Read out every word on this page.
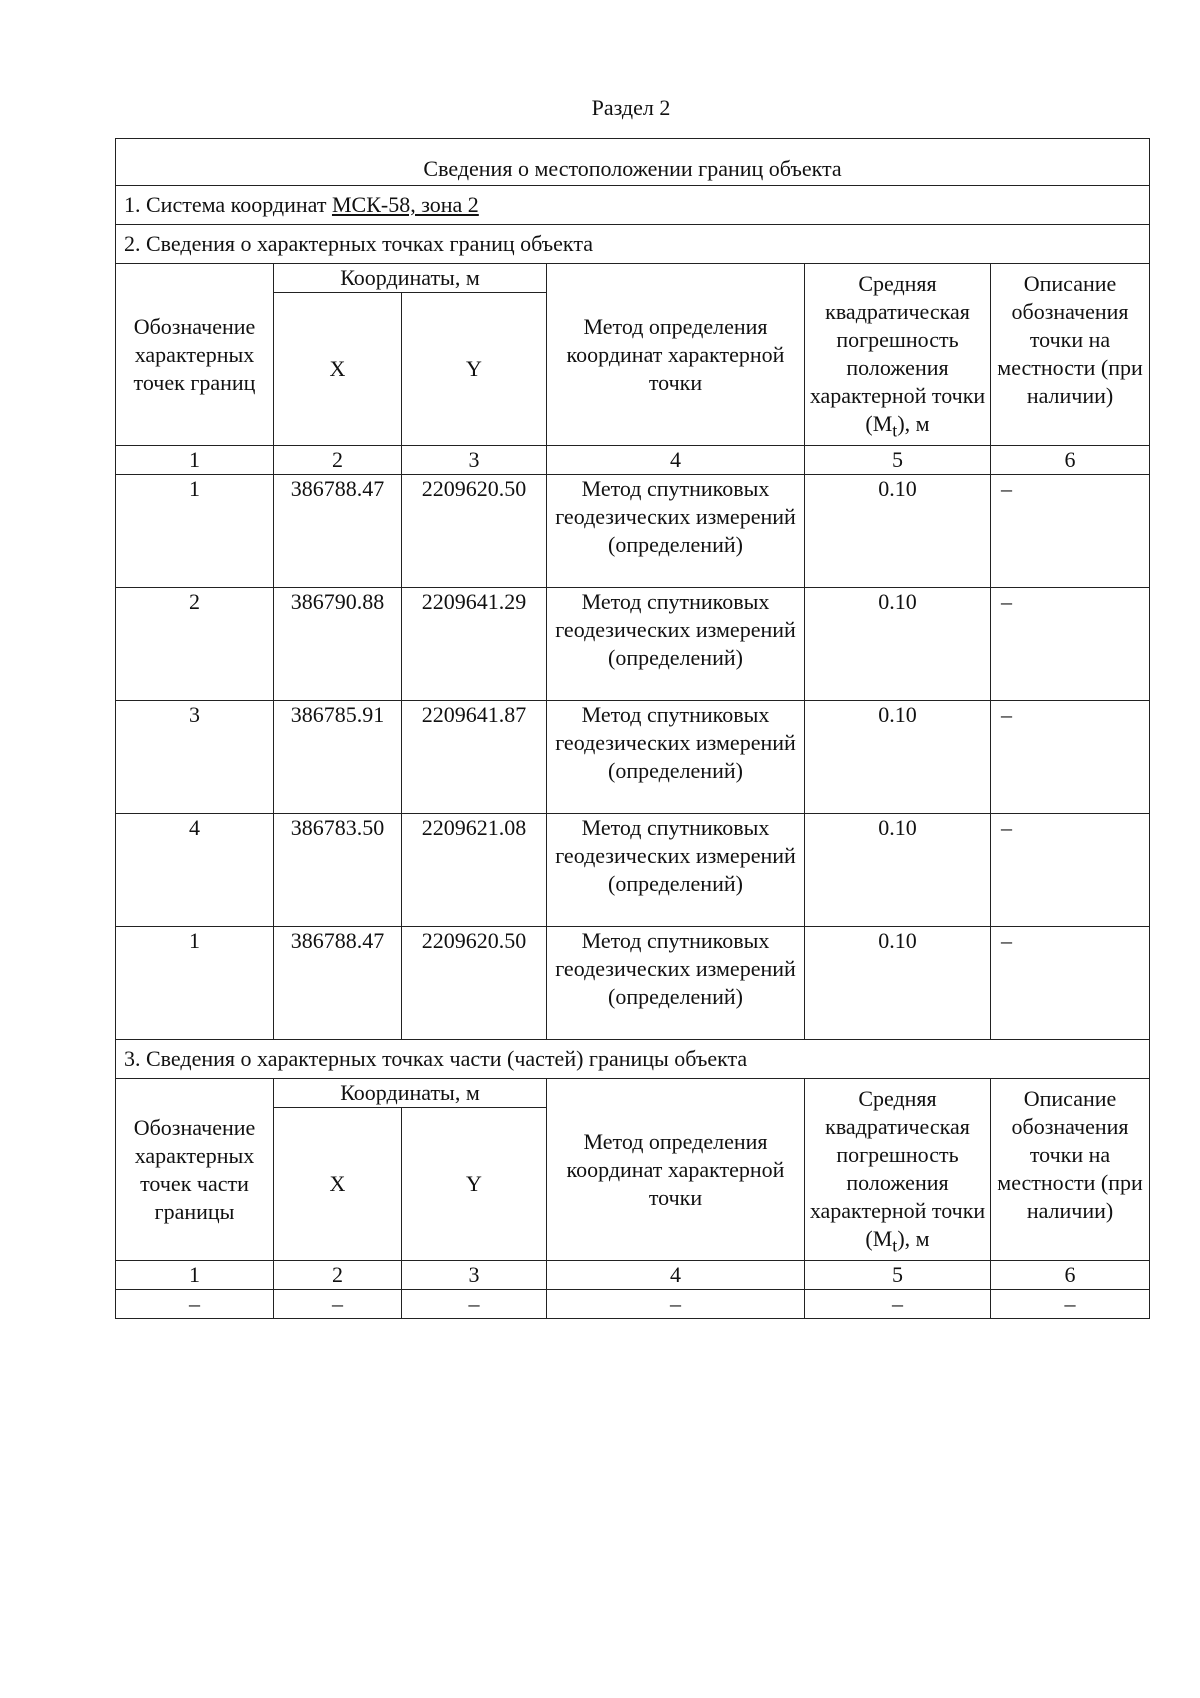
Раздел 2
Сведения о местоположении границ объекта					
1. Система координат МСК-58, зона 2					
2. Сведения о характерных точках границ объекта					
Обозначение характерных точек границ	Координаты, м		Метод определения координат характерной точки	Средняя квадратическая погрешность положения характерной точки $(M_t)$, м	Описание обозначения точки на местности (при наличии)
	X	Y			
1	2	3	4	5	6
1	386788.47	2209620.50	Метод спутниковых геодезических измерений (определений)	0.10	–
2	386790.88	2209641.29	Метод спутниковых геодезических измерений (определений)	0.10	–
3	386785.91	2209641.87	Метод спутниковых геодезических измерений (определений)	0.10	–
4	386783.50	2209621.08	Метод спутниковых геодезических измерений (определений)	0.10	–
1	386788.47	2209620.50	Метод спутниковых геодезических измерений (определений)	0.10	–
3. Сведения о характерных точках части (частей) границы объекта					
Обозначение характерных точек части границы	Координаты, м		Метод определения координат характерной точки	Средняя квадратическая погрешность положения характерной точки $(M_t)$, м	Описание обозначения точки на местности (при наличии)
	X	Y			
1	2	3	4	5	6
–	–	–	–	–	–
